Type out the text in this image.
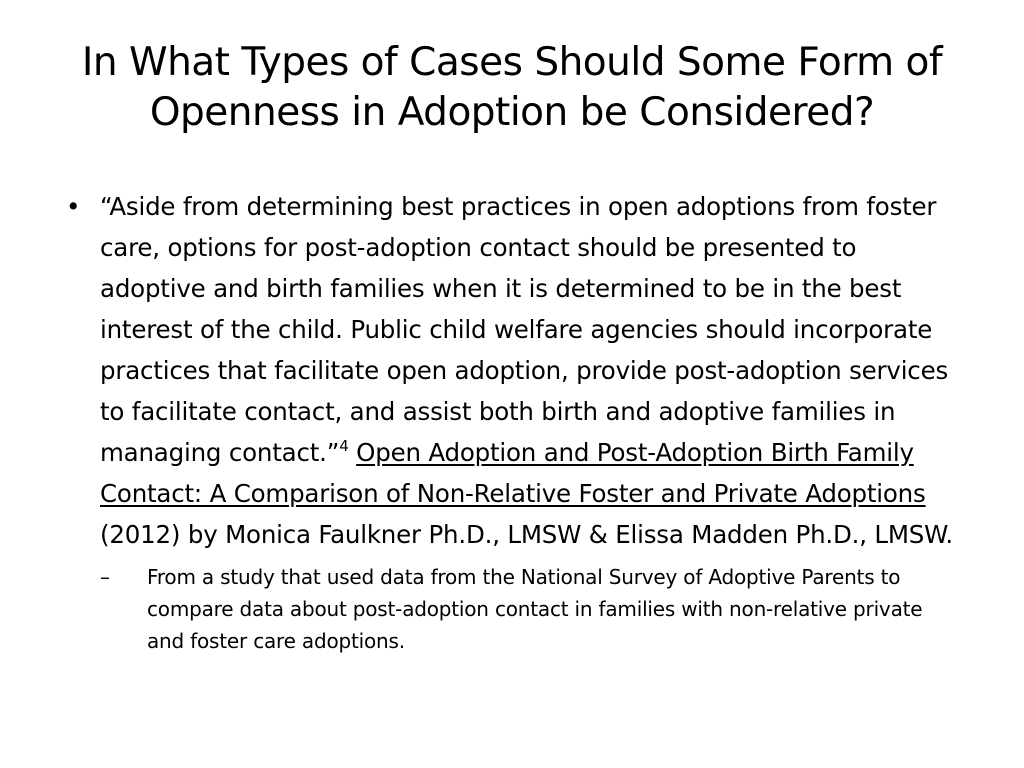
In What Types of Cases Should Some Form of Openness in Adoption be Considered?
• “Aside from determining best practices in open adoptions from foster care, options for post-adoption contact should be presented to adoptive and birth families when it is determined to be in the best interest of the child. Public child welfare agencies should incorporate practices that facilitate open adoption, provide post-adoption services to facilitate contact, and assist both birth and adoptive families in managing contact.”$^4$ Open Adoption and Post-Adoption Birth Family Contact: A Comparison of Non-Relative Foster and Private Adoptions (2012) by Monica Faulkner Ph.D., LMSW & Elissa Madden Ph.D., LMSW.
– From a study that used data from the National Survey of Adoptive Parents to compare data about post-adoption contact in families with non-relative private and foster care adoptions.
